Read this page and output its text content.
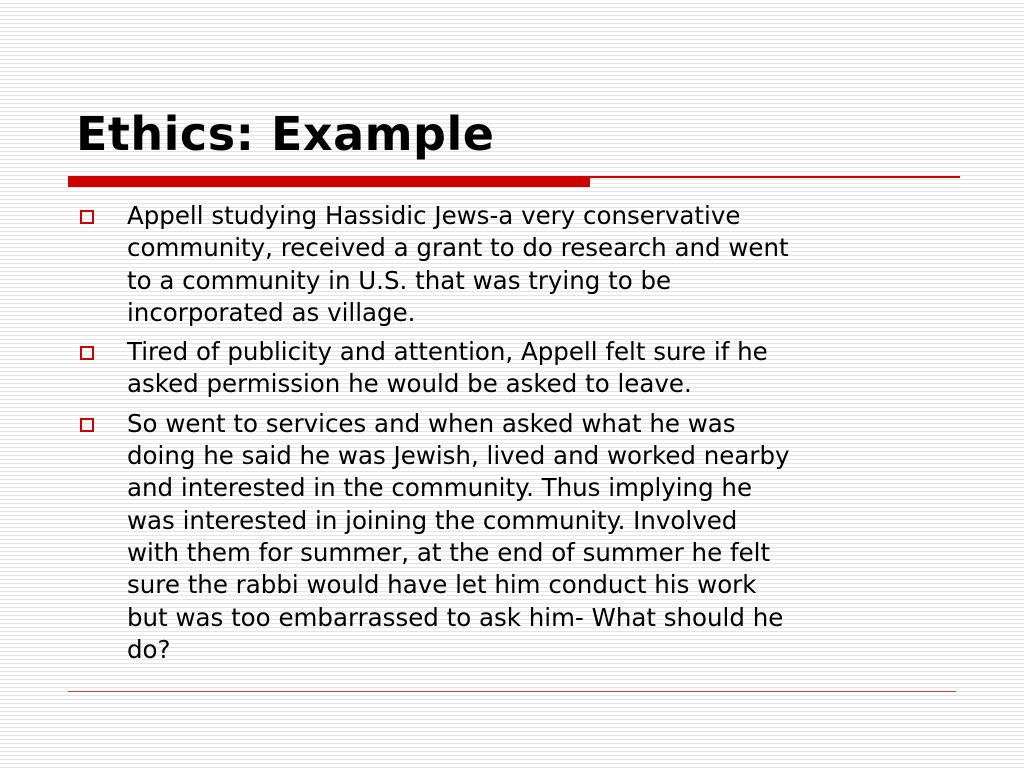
Ethics: Example
Appell studying Hassidic Jews-a very conservative
community, received a grant to do research and went
to a community in U.S. that was trying to be
incorporated as village.
Tired of publicity and attention, Appell felt sure if he
asked permission he would be asked to leave.
So went to services and when asked what he was
doing he said he was Jewish, lived and worked nearby
and interested in the community. Thus implying he
was interested in joining the community. Involved
with them for summer, at the end of summer he felt
sure the rabbi would have let him conduct his work
but was too embarrassed to ask him- What should he
do?
